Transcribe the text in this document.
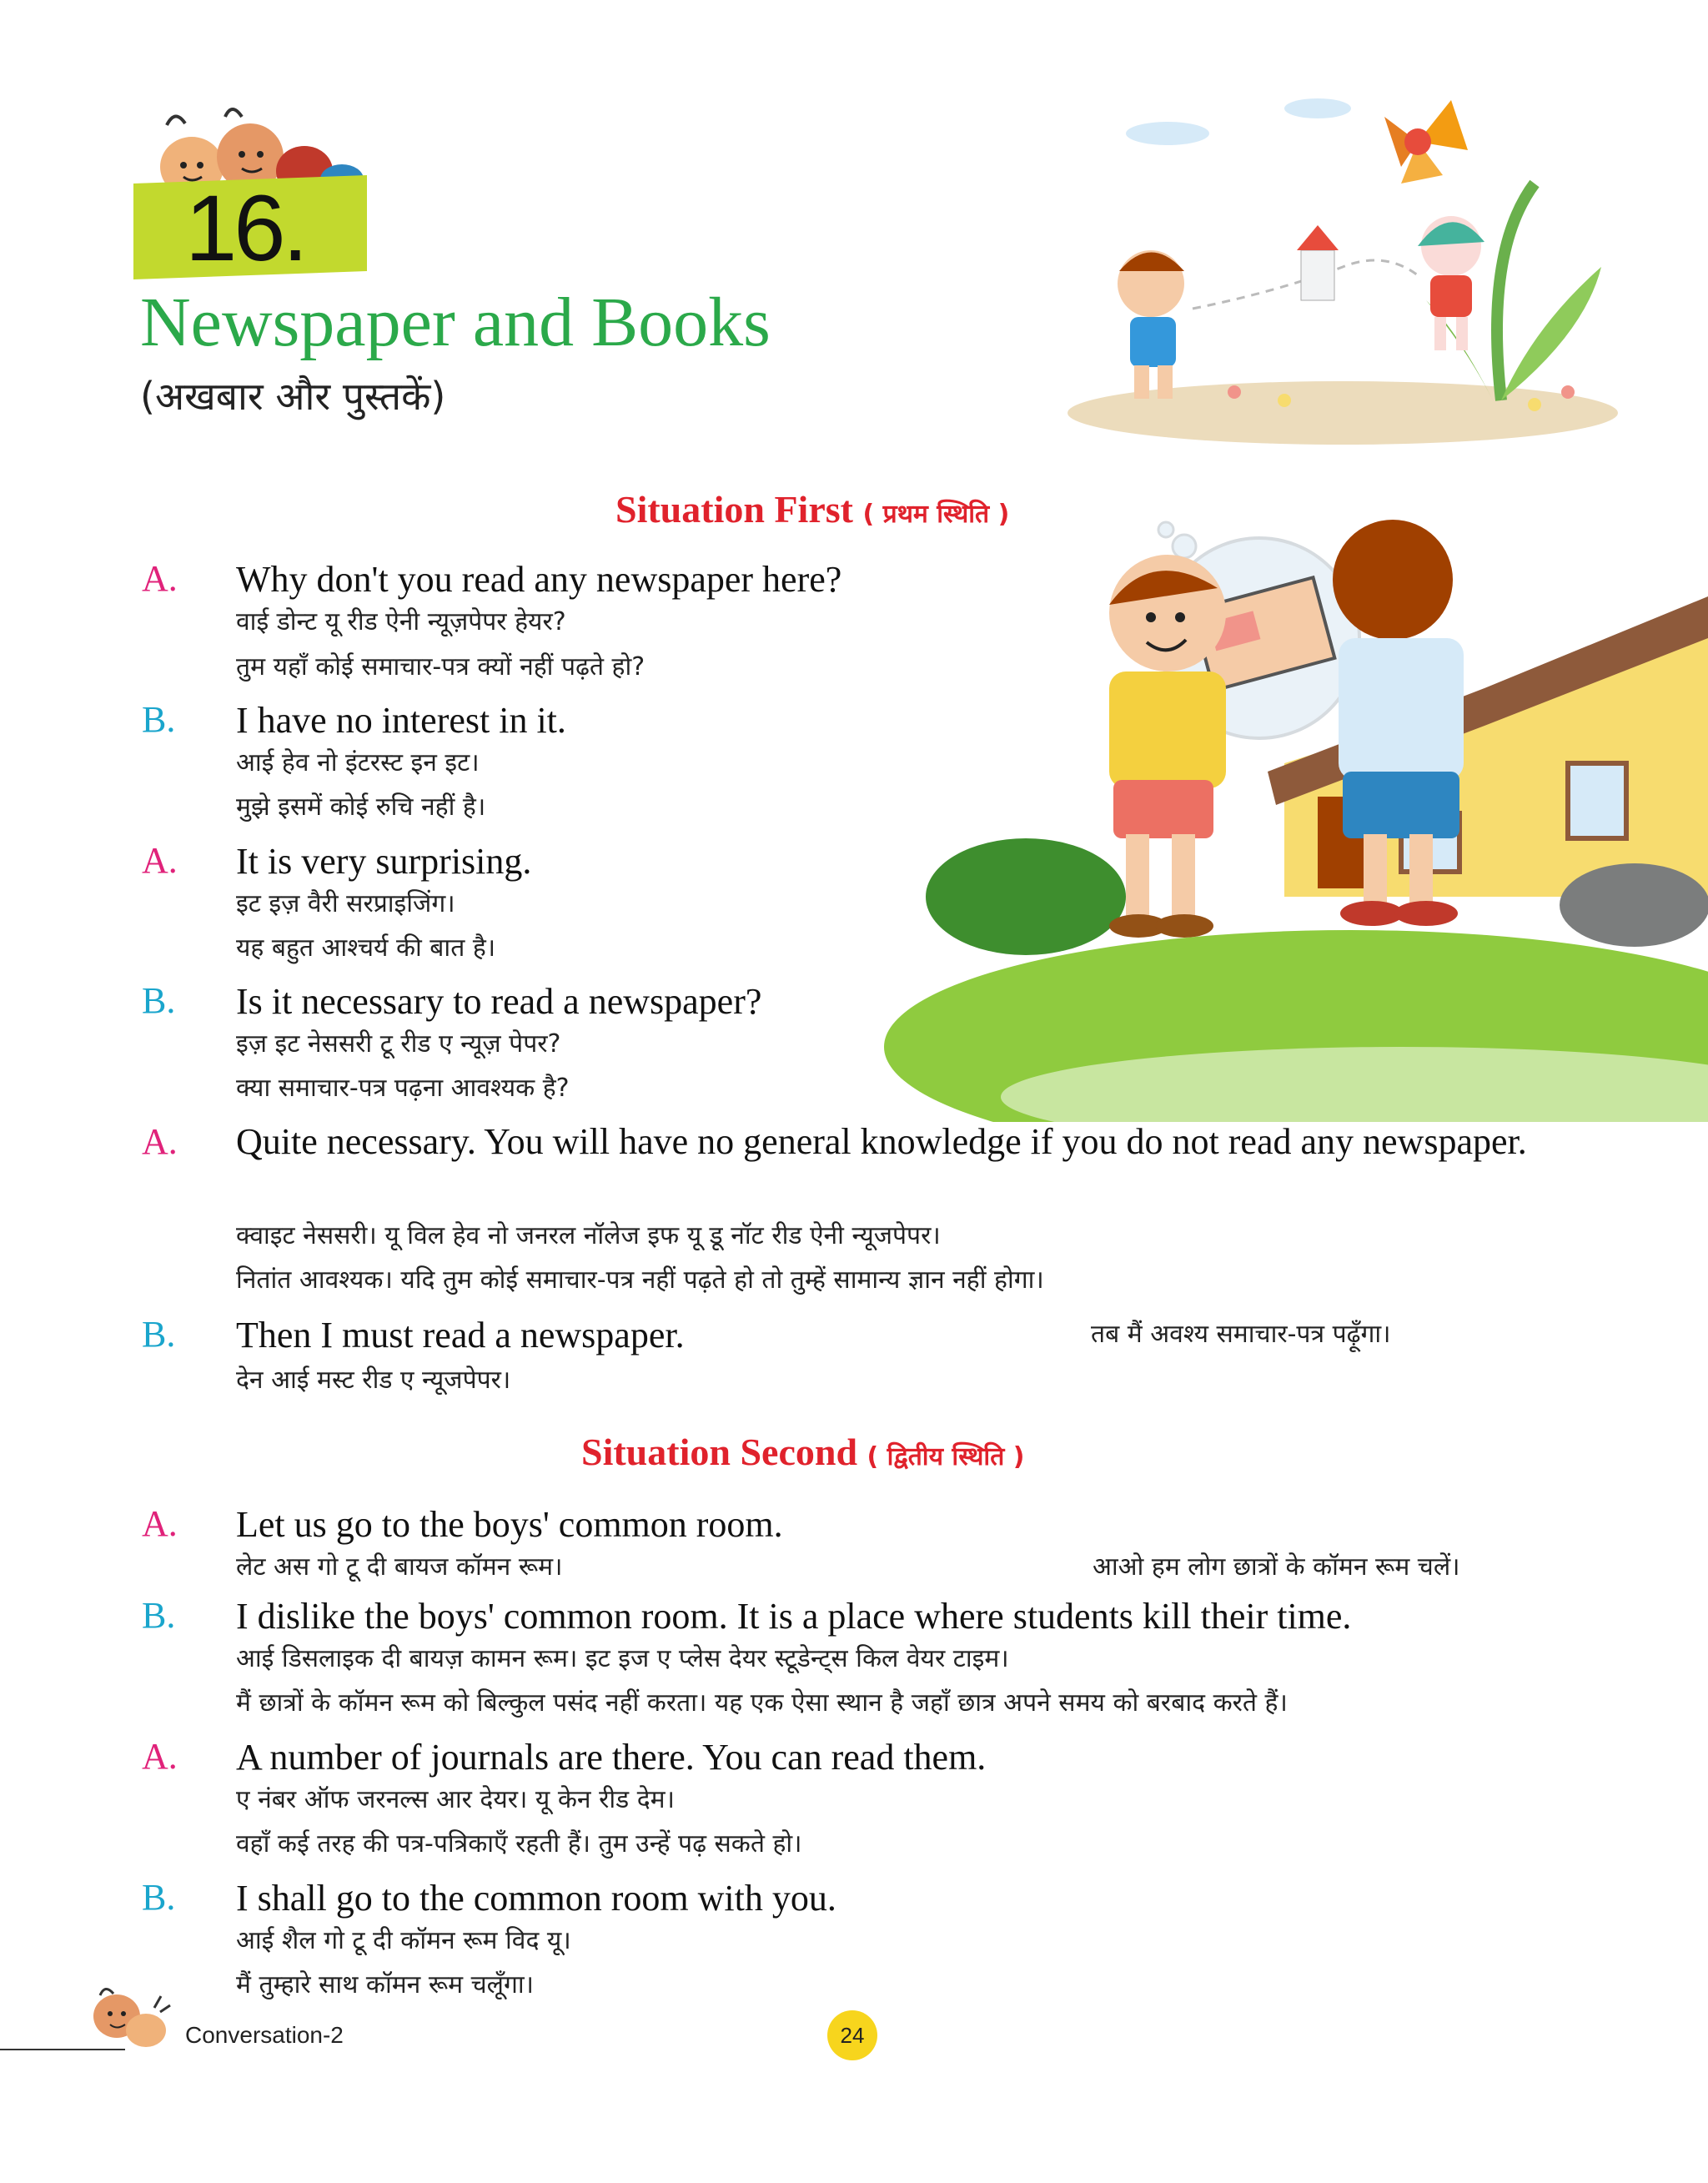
16.
Newspaper and Books
(अखबार और पुस्तकें)
Situation First ( प्रथम स्थिति )
A. Why don't you read any newspaper here?
वाई डोन्ट यू रीड ऐनी न्यूज़पेपर हेयर?
तुम यहाँ कोई समाचार-पत्र क्यों नहीं पढ़ते हो?
B. I have no interest in it.
आई हेव नो इंटरस्ट इन इट।
मुझे इसमें कोई रुचि नहीं है।
A. It is very surprising.
इट इज़ वैरी सरप्राइजिंग।
यह बहुत आश्चर्य की बात है।
B. Is it necessary to read a newspaper?
इज़ इट नेससरी टू रीड ए न्यूज़ पेपर?
क्या समाचार-पत्र पढ़ना आवश्यक है?
A. Quite necessary. You will have no general knowledge if you do not read any newspaper.
क्वाइट नेससरी। यू विल हेव नो जनरल नॉलेज इफ यू डू नॉट रीड ऐनी न्यूजपेपर।
नितांत आवश्यक। यदि तुम कोई समाचार-पत्र नहीं पढ़ते हो तो तुम्हें सामान्य ज्ञान नहीं होगा।
B. Then I must read a newspaper.	तब मैं अवश्य समाचार-पत्र पढ़ूँगा।
देन आई मस्ट रीड ए न्यूजपेपर।
Situation Second ( द्वितीय स्थिति )
A. Let us go to the boys' common room.
लेट अस गो टू दी बायज कॉमन रूम।	आओ हम लोग छात्रों के कॉमन रूम चलें।
B. I dislike the boys' common room. It is a place where students kill their time.
आई डिसलाइक दी बायज़ कामन रूम। इट इज ए प्लेस देयर स्टूडेन्ट्स किल वेयर टाइम।
मैं छात्रों के कॉमन रूम को बिल्कुल पसंद नहीं करता। यह एक ऐसा स्थान है जहाँ छात्र अपने समय को बरबाद करते हैं।
A. A number of journals are there. You can read them.
ए नंबर ऑफ जरनल्स आर देयर। यू केन रीड देम।
वहाँ कई तरह की पत्र-पत्रिकाएँ रहती हैं। तुम उन्हें पढ़ सकते हो।
B. I shall go to the common room with you.
आई शैल गो टू दी कॉमन रूम विद यू।
मैं तुम्हारे साथ कॉमन रूम चलूँगा।
Conversation-2	24
